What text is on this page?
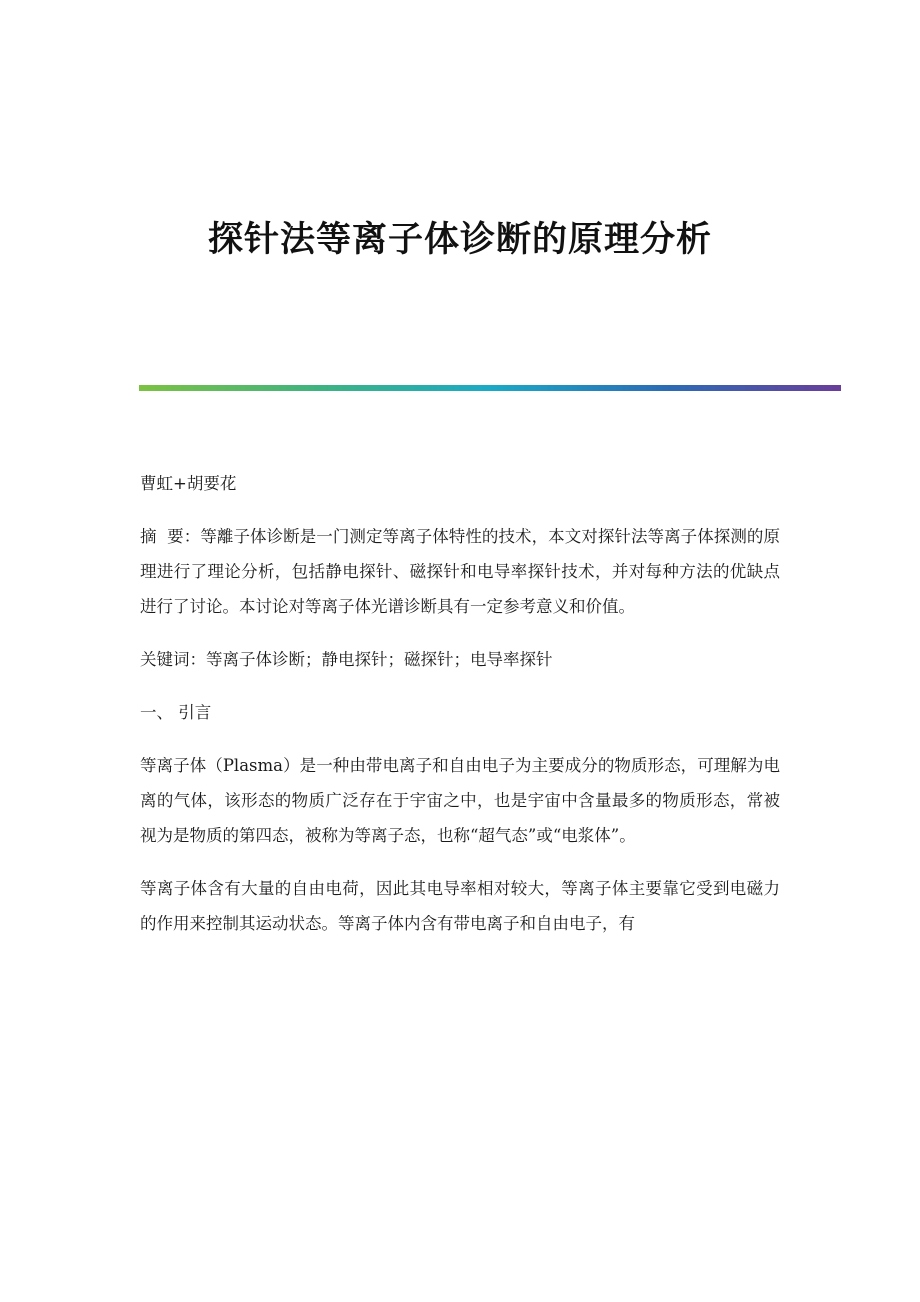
探针法等离子体诊断的原理分析

曹虹+胡要花

摘  要：等離子体诊断是一门测定等离子体特性的技术，本文对探针法等离子体探测的原理进行了理论分析，包括静电探针、磁探针和电导率探针技术，并对每种方法的优缺点进行了讨论。本讨论对等离子体光谱诊断具有一定参考意义和价值。

关键词：等离子体诊断；静电探针；磁探针；电导率探针

一、 引言

等离子体（Plasma）是一种由带电离子和自由电子为主要成分的物质形态，可理解为电离的气体，该形态的物质广泛存在于宇宙之中，也是宇宙中含量最多的物质形态，常被视为是物质的第四态，被称为等离子态，也称“超气态”或“电浆体”。

等离子体含有大量的自由电荷，因此其电导率相对较大，等离子体主要靠它受到电磁力的作用来控制其运动状态。等离子体内含有带电离子和自由电子，有
